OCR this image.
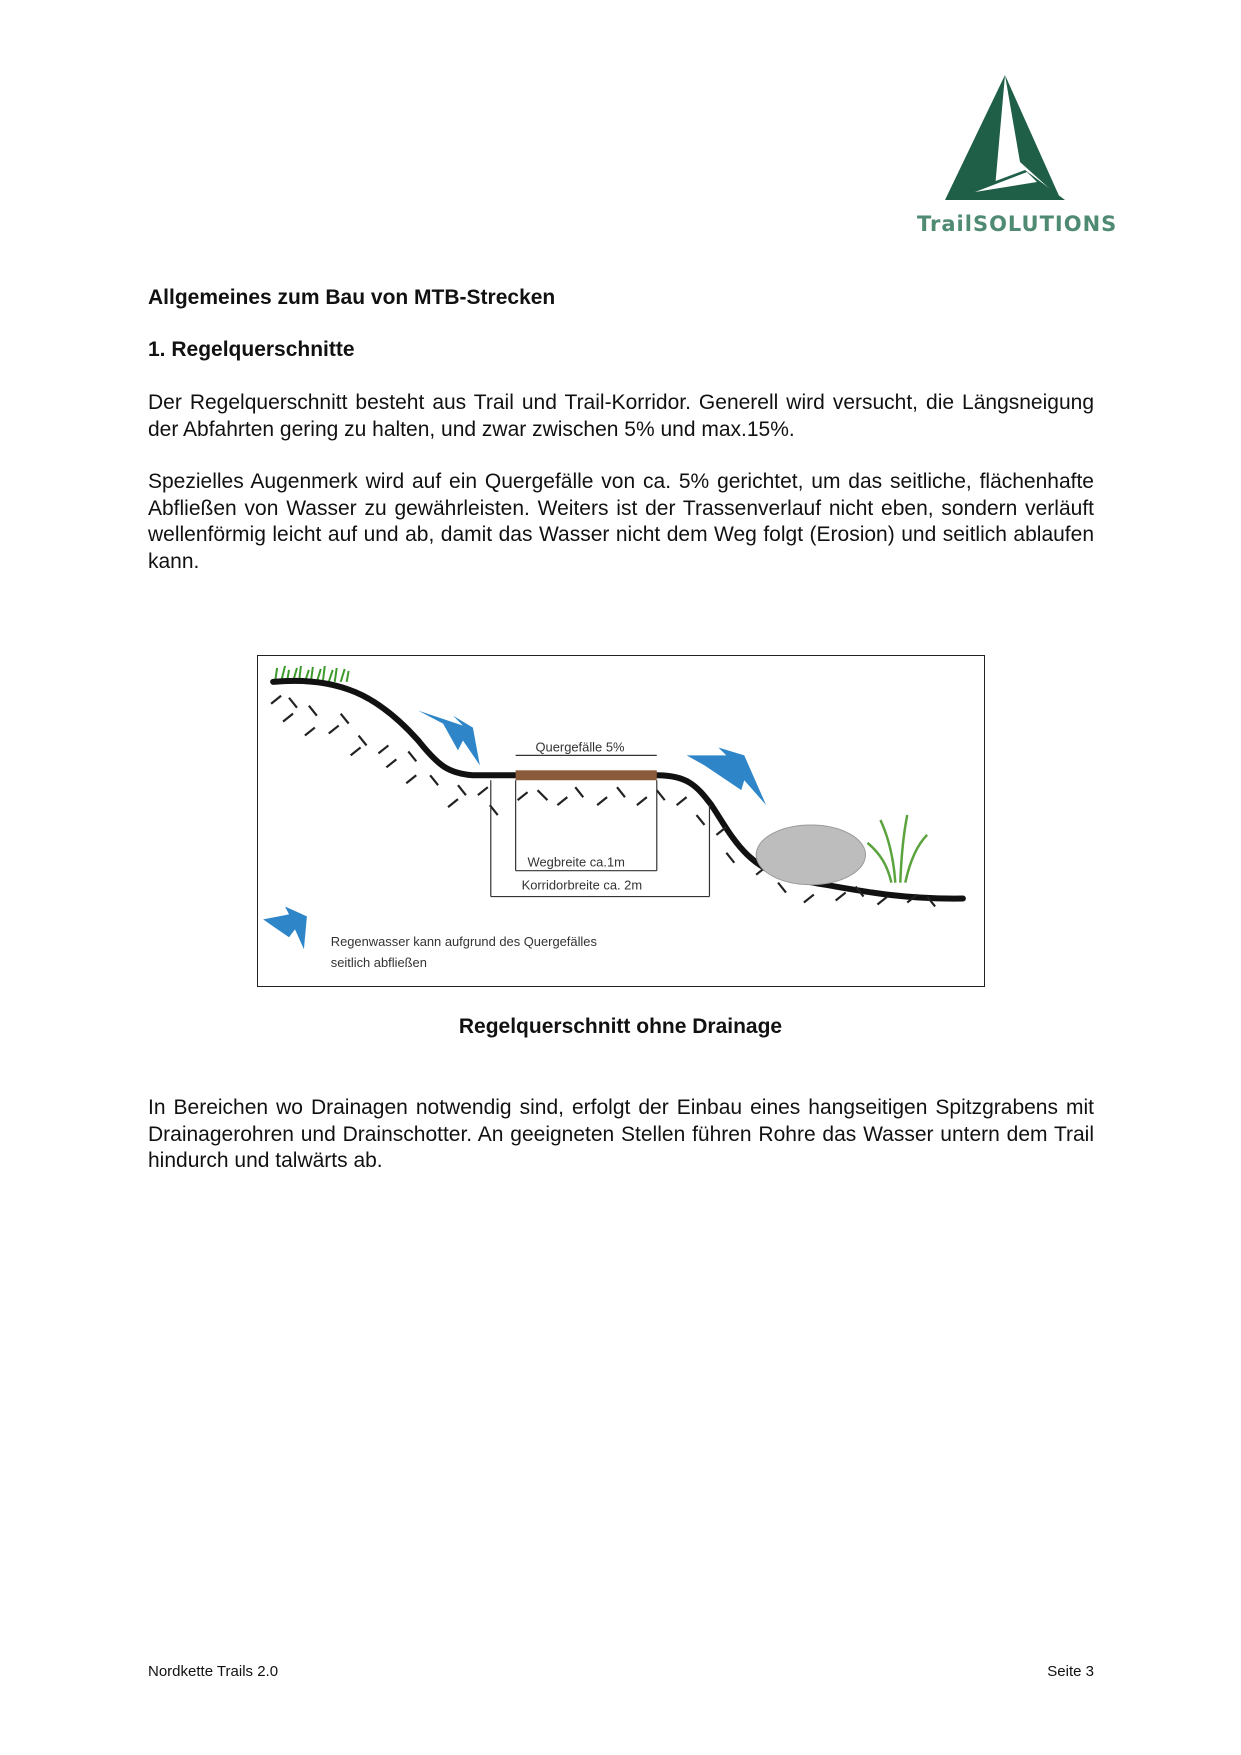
TrailSOLUTIONS
Allgemeines zum Bau von MTB-Strecken
1. Regelquerschnitte

Der Regelquerschnitt besteht aus Trail und Trail-Korridor. Generell wird versucht, die Längsneigung der Abfahrten gering zu halten, und zwar zwischen 5% und max.15%.

Spezielles Augenmerk wird auf ein Quergefälle von ca. 5% gerichtet, um das seitliche, flächenhafte Abfließen von Wasser zu gewährleisten. Weiters ist der Trassenverlauf nicht eben, sondern verläuft wellenförmig leicht auf und ab, damit das Wasser nicht dem Weg folgt (Erosion) und seitlich ablaufen kann.

Quergefälle 5%
Wegbreite ca.1m
Korridorbreite ca. 2m
Regenwasser kann aufgrund des Quergefälles
seitlich abfließen
Regelquerschnitt ohne Drainage

In Bereichen wo Drainagen notwendig sind, erfolgt der Einbau eines hangseitigen Spitzgrabens mit Drainagerohren und Drainschotter. An geeigneten Stellen führen Rohre das Wasser untern dem Trail hindurch und talwärts ab.

Nordkette Trails 2.0	Seite 3
